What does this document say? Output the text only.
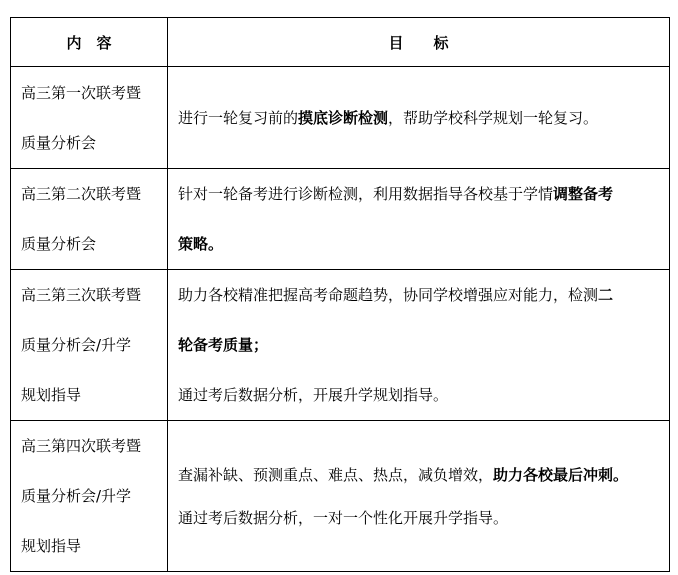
内　容	目　　标

高三第一次联考暨
质量分析会	进行一轮复习前的摸底诊断检测，帮助学校科学规划一轮复习。

高三第二次联考暨
质量分析会	针对一轮备考进行诊断检测，利用数据指导各校基于学情调整备考
策略。

高三第三次联考暨
质量分析会/升学
规划指导	助力各校精准把握高考命题趋势，协同学校增强应对能力，检测二
轮备考质量；
通过考后数据分析，开展升学规划指导。

高三第四次联考暨
质量分析会/升学
规划指导	查漏补缺、预测重点、难点、热点，减负增效，助力各校最后冲刺。
通过考后数据分析，一对一个性化开展升学指导。
